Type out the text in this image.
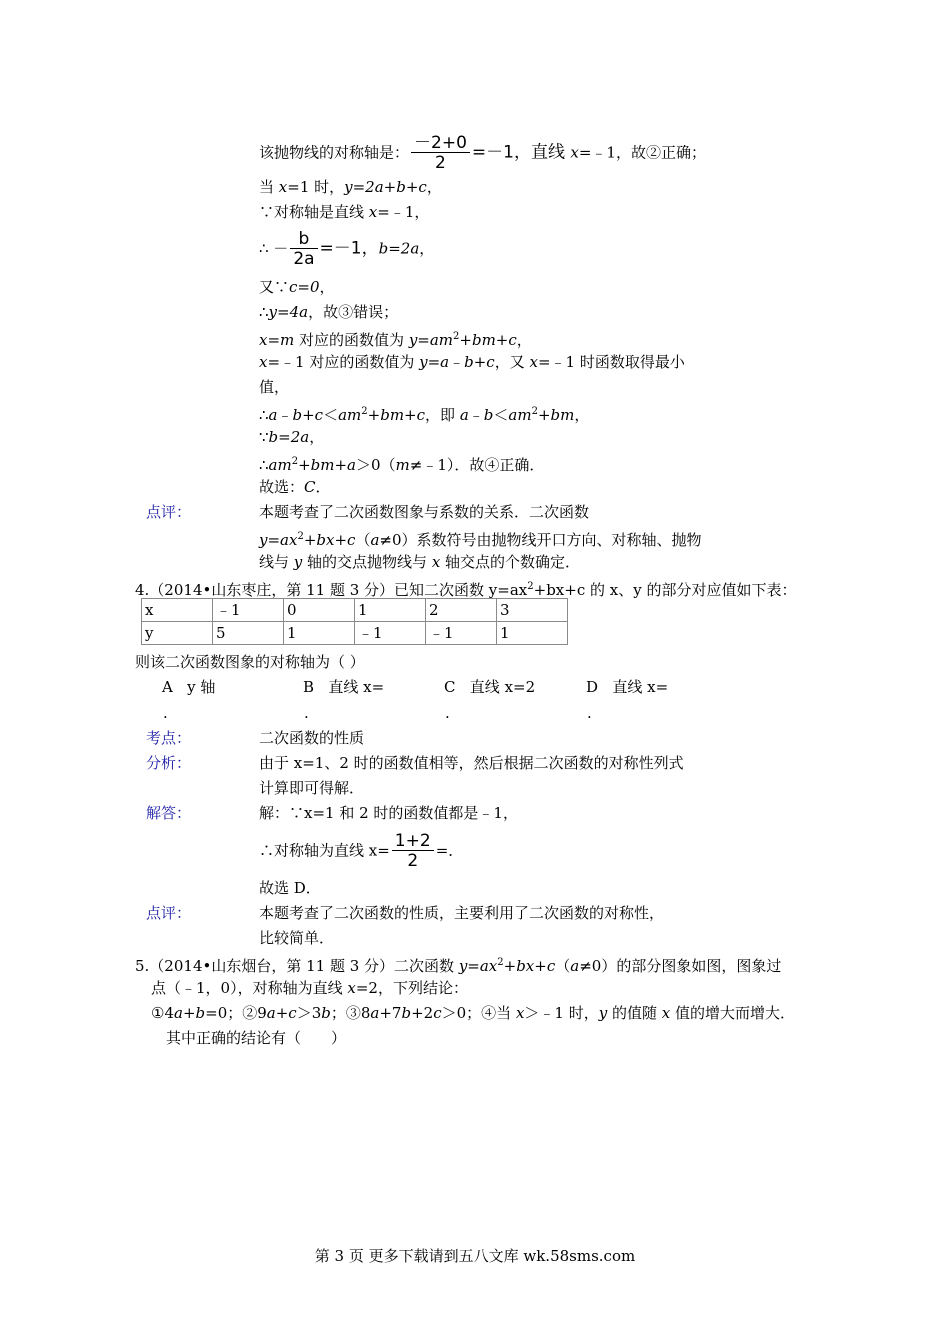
该抛物线的对称轴是： $\frac{-2+0}{2} =-1$，直线 x=﹣1，故②正确；
当 x=1 时，y=2a+b+c，
∵对称轴是直线 x=﹣1，
∴ － $\frac{b}{2a} =-1$，b=2a，
又∵c=0，
∴y=4a，故③错误；
x=m 对应的函数值为 $y=am^2+bm+c$，
x=﹣1 对应的函数值为 y=a﹣b+c，又 x=﹣1 时函数取得最小
值，
$\therefore a﹣b+c<am^2+bm+c$，即 $a﹣b<am^2+bm$，
∵b=2a，
$\therefore am^2+bm+a>0(m\ne﹣1)$．故④正确．
故选：C．
点评：	本题考查了二次函数图象与系数的关系．二次函数
$y=ax^2+bx+c(a\ne 0)$系数符号由抛物线开口方向、对称轴、抛物
线与 y 轴的交点抛物线与 x 轴交点的个数确定．
4.（2014•山东枣庄，第 11 题 3 分）已知二次函数 $y=ax^2+bx+c$ 的 x、y 的部分对应值如下表：
x	﹣1	0	1	2	3
y	5	1	﹣1	﹣1	1
则该二次函数图象的对称轴为（ ）
A y 轴
.
B 直线 x=
.
C 直线 x=2
.
D 直线 x=
.
考点：	二次函数的性质
分析：	由于 x=1、2 时的函数值相等，然后根据二次函数的对称性列式
计算即可得解．
解答：	解：∵x=1 和 2 时的函数值都是﹣1，
∴对称轴为直线 $x= \frac{1+2}{2}$ =．
故选 D．
点评：	本题考查了二次函数的性质，主要利用了二次函数的对称性，
比较简单．
5.（2014•山东烟台，第 11 题 3 分）二次函数 $y=ax^2+bx+c(a\ne 0)$的部分图象如图，图象过
点（﹣1，0），对称轴为直线 x=2，下列结论：
①4a+b=0；②9a+c＞3b；③8a+7b+2c＞0；④当 x＞﹣1 时，y 的值随 x 值的增大而增大．
其中正确的结论有（　　）
第 3 页 更多下载请到五八文库 wk.58sms.com
